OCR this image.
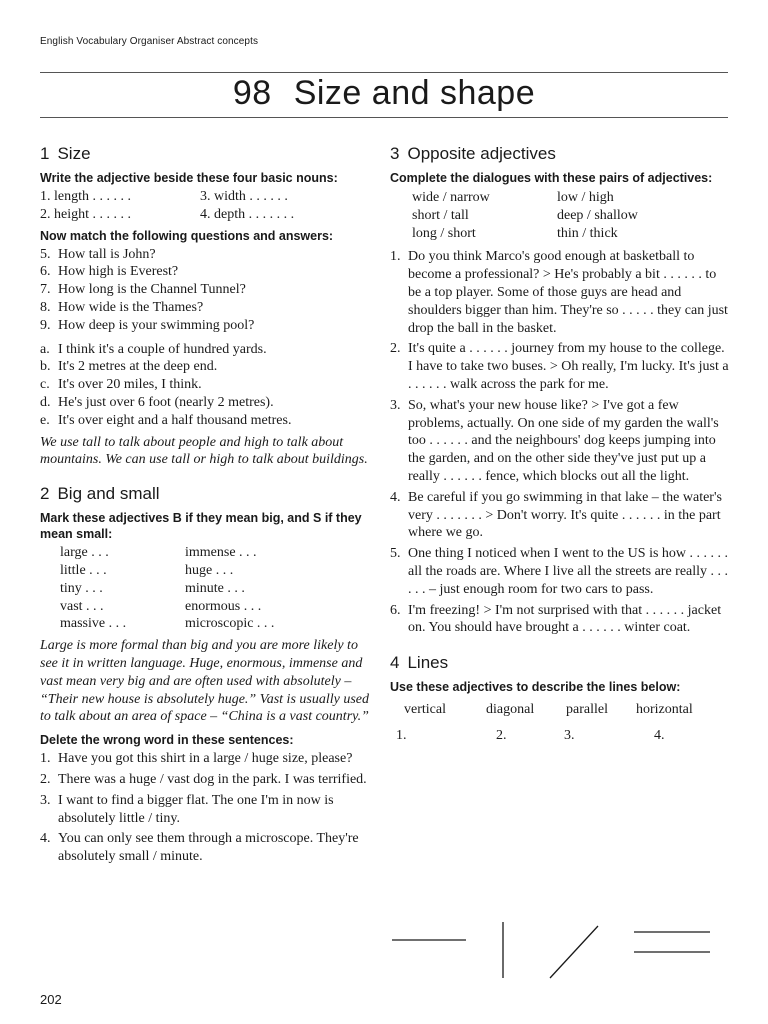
English Vocabulary Organiser Abstract concepts
98 Size and shape
1 Size

Write the adjective beside these four basic nouns:

1. length . . . . . .	3. width . . . . . .
2. height . . . . . .	4. depth . . . . . . .

Now match the following questions and answers:

5. How tall is John?
6. How high is Everest?
7. How long is the Channel Tunnel?
8. How wide is the Thames?
9. How deep is your swimming pool?
a. I think it's a couple of hundred yards.
b. It's 2 metres at the deep end.
c. It's over 20 miles, I think.
d. He's just over 6 foot (nearly 2 metres).
e. It's over eight and a half thousand metres.

We use tall to talk about people and high to talk about mountains. We can use tall or high to talk about buildings.

2 Big and small

Mark these adjectives B if they mean big, and S if they mean small:

large . . .	immense . . .
little . . .	huge . . .
tiny . . .	minute . . .
vast . . .	enormous . . .
massive . . .	microscopic . . .

Large is more formal than big and you are more likely to see it in written language. Huge, enormous, immense and vast mean very big and are often used with absolutely – “Their new house is absolutely huge.” Vast is usually used to talk about an area of space – “China is a vast country.”

Delete the wrong word in these sentences:

1. Have you got this shirt in a large / huge size, please?
2. There was a huge / vast dog in the park. I was terrified.
3. I want to find a bigger flat. The one I'm in now is absolutely little / tiny.
4. You can only see them through a microscope. They're absolutely small / minute.
3 Opposite adjectives

Complete the dialogues with these pairs of adjectives:

wide / narrow	low / high
short / tall	deep / shallow
long / short	thin / thick
1. Do you think Marco's good enough at basketball to become a professional? > He's probably a bit . . . . . . to be a top player. Some of those guys are head and shoulders bigger than him. They're so . . . . . they can just drop the ball in the basket.
2. It's quite a . . . . . . journey from my house to the college. I have to take two buses. > Oh really, I'm lucky. It's just a . . . . . . walk across the park for me.
3. So, what's your new house like? > I've got a few problems, actually. On one side of my garden the wall's too . . . . . . and the neighbours' dog keeps jumping into the garden, and on the other side they've just put up a really . . . . . . fence, which blocks out all the light.
4. Be careful if you go swimming in that lake – the water's very . . . . . . . > Don't worry. It's quite . . . . . . in the part where we go.
5. One thing I noticed when I went to the US is how . . . . . . all the roads are. Where I live all the streets are really . . . . . . – just enough room for two cars to pass.
6. I'm freezing! > I'm not surprised with that . . . . . . jacket on. You should have brought a . . . . . . winter coat.
4 Lines

Use these adjectives to describe the lines below:

vertical	diagonal	parallel	horizontal
1.	2.	3.	4.
202
